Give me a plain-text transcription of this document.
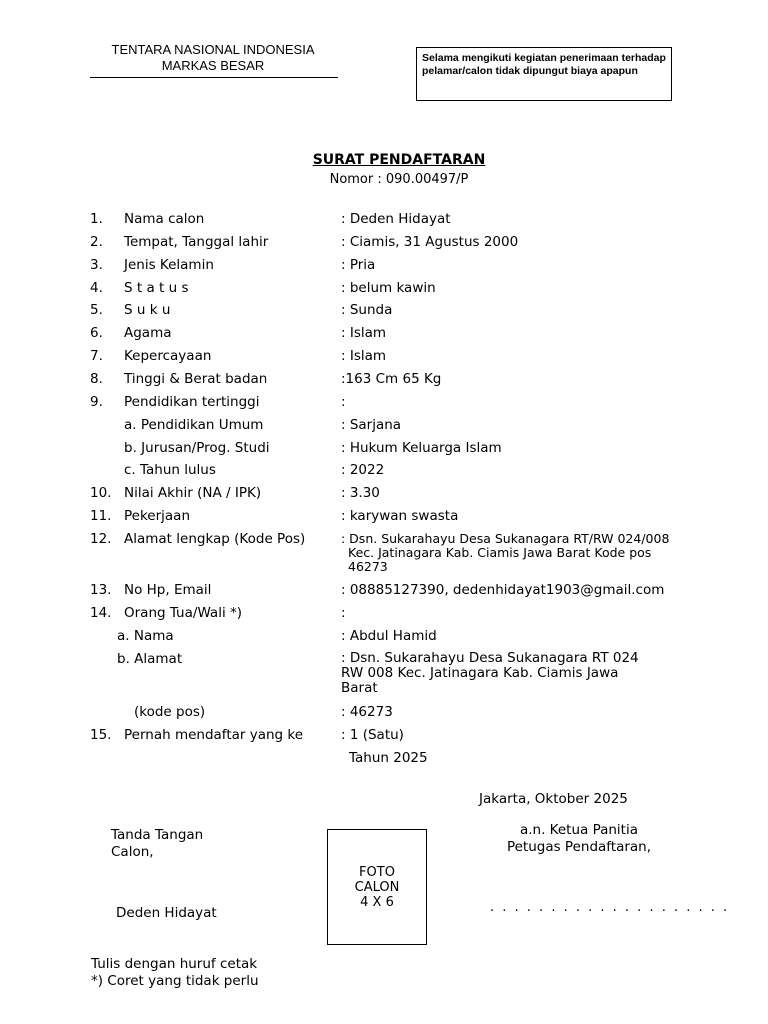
TENTARA NASIONAL INDONESIA
MARKAS BESAR	Selama mengikuti kegiatan penerimaan terhadap pelamar/calon tidak dipungut biaya apapun
SURAT PENDAFTARAN
Nomor : 090.00497/P
1. Nama calon	: Deden Hidayat
2. Tempat, Tanggal lahir	: Ciamis, 31 Agustus 2000
3. Jenis Kelamin	: Pria
4. S t a t u s	: belum kawin
5. S u k u	: Sunda
6. Agama	: Islam
7. Kepercayaan	: Islam
8. Tinggi & Berat badan	:163 Cm 65 Kg
9. Pendidikan tertinggi	:
a. Pendidikan Umum	: Sarjana
b. Jurusan/Prog. Studi	: Hukum Keluarga Islam
c. Tahun lulus	: 2022
10. Nilai Akhir (NA / IPK)	: 3.30
11. Pekerjaan	: karywan swasta
12. Alamat lengkap (Kode Pos)	: Dsn. Sukarahayu Desa Sukanagara RT/RW 024/008
Kec. Jatinagara Kab. Ciamis Jawa Barat Kode pos
46273
13. No Hp, Email	: 08885127390, dedenhidayat1903@gmail.com
14. Orang Tua/Wali *)	:
a. Nama	: Abdul Hamid
b. Alamat	: Dsn. Sukarahayu Desa Sukanagara RT 024
RW 008 Kec. Jatinagara Kab. Ciamis Jawa
Barat
(kode pos)	: 46273
15. Pernah mendaftar yang ke	: 1 (Satu)
Tahun 2025
Jakarta, Oktober 2025
Tanda Tangan
Calon,
Deden Hidayat
FOTO
CALON
4 X 6
a.n. Ketua Panitia
Petugas Pendaftaran,
. . . . . . . . . . . . . . . . . . . .
Tulis dengan huruf cetak
*) Coret yang tidak perlu
